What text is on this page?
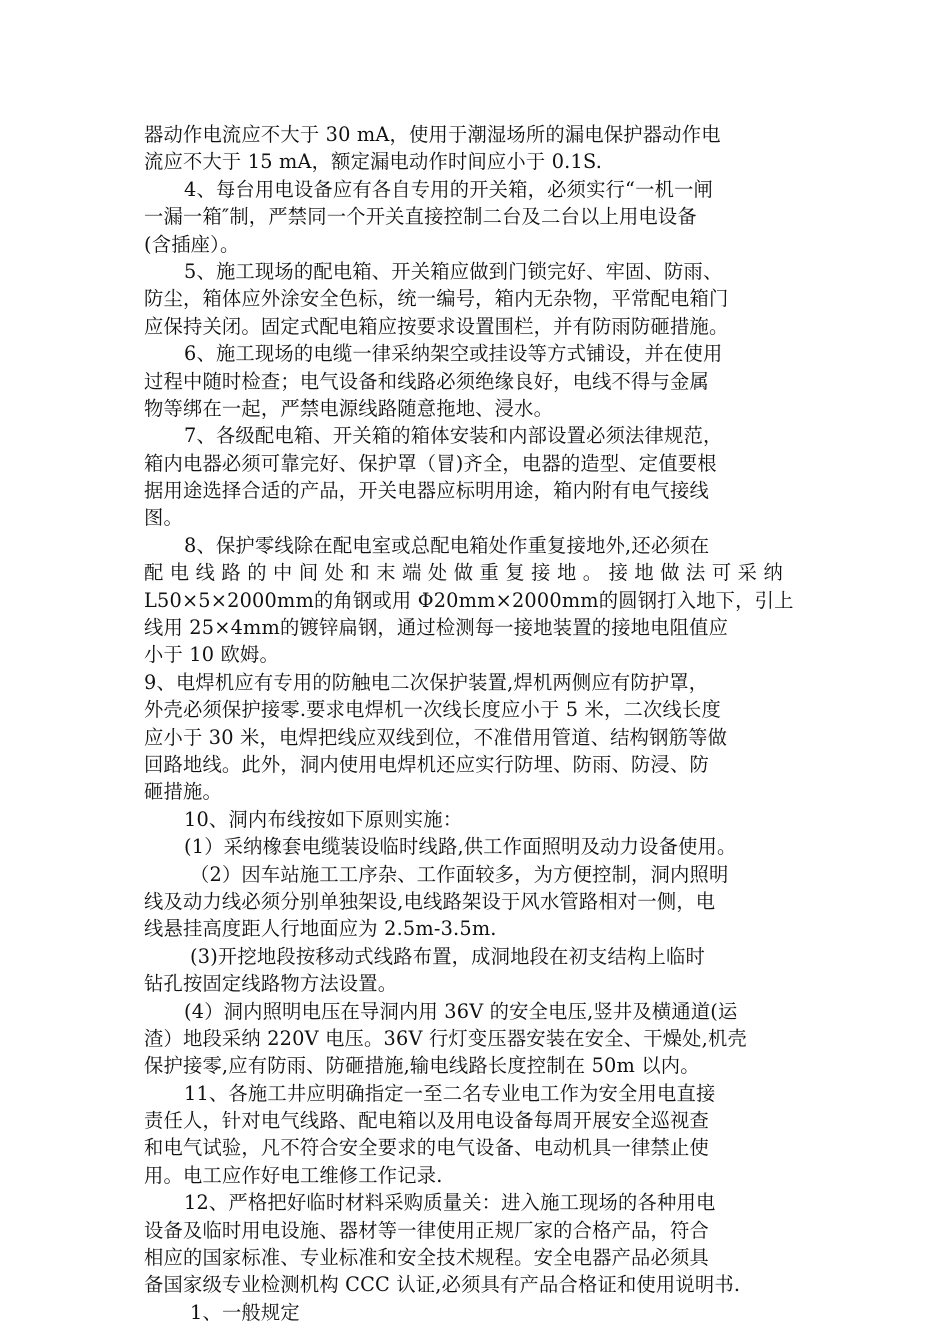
器动作电流应不大于 30 mA，使用于潮湿场所的漏电保护器动作电
流应不大于 15 mA，额定漏电动作时间应小于 0.1S.
4、每台用电设备应有各自专用的开关箱，必须实行“一机一闸
一漏一箱″制，严禁同一个开关直接控制二台及二台以上用电设备
(含插座）。
5、施工现场的配电箱、开关箱应做到门锁完好、牢固、防雨、
防尘，箱体应外涂安全色标，统一编号，箱内无杂物，平常配电箱门
应保持关闭。固定式配电箱应按要求设置围栏，并有防雨防砸措施。
6、施工现场的电缆一律采纳架空或挂设等方式铺设，并在使用
过程中随时检查；电气设备和线路必须绝缘良好，电线不得与金属
物等绑在一起，严禁电源线路随意拖地、浸水。
7、各级配电箱、开关箱的箱体安装和内部设置必须法律规范，
箱内电器必须可靠完好、保护罩（冒)齐全，电器的造型、定值要根
据用途选择合适的产品，开关电器应标明用途，箱内附有电气接线
图。
8、保护零线除在配电室或总配电箱处作重复接地外,还必须在
配 电 线 路 的 中 间 处 和 末 端 处 做 重 复 接 地 。 接 地 做 法 可 采 纳
L50×5×2000mm的角钢或用 Φ20mm×2000mm的圆钢打入地下，引上
线用 25×4mm的镀锌扁钢，通过检测每一接地装置的接地电阻值应
小于 10 欧姆。
9、电焊机应有专用的防触电二次保护装置,焊机两侧应有防护罩，
外壳必须保护接零.要求电焊机一次线长度应小于 5 米，二次线长度
应小于 30 米，电焊把线应双线到位，不准借用管道、结构钢筋等做
回路地线。此外，洞内使用电焊机还应实行防埋、防雨、防浸、防
砸措施。
10、洞内布线按如下原则实施：
(1）采纳橡套电缆装设临时线路,供工作面照明及动力设备使用。
（2）因车站施工工序杂、工作面较多，为方便控制，洞内照明
线及动力线必须分别单独架设,电线路架设于风水管路相对一侧，电
线悬挂高度距人行地面应为 2.5m-3.5m.
(3)开挖地段按移动式线路布置，成洞地段在初支结构上临时
钻孔按固定线路物方法设置。
(4）洞内照明电压在导洞内用 36V 的安全电压,竖井及横通道(运
渣）地段采纳 220V 电压。36V 行灯变压器安装在安全、干燥处,机壳
保护接零,应有防雨、防砸措施,输电线路长度控制在 50m 以内。
11、各施工井应明确指定一至二名专业电工作为安全用电直接
责任人，针对电气线路、配电箱以及用电设备每周开展安全巡视查
和电气试验，凡不符合安全要求的电气设备、电动机具一律禁止使
用。电工应作好电工维修工作记录.
12、严格把好临时材料采购质量关：进入施工现场的各种用电
设备及临时用电设施、器材等一律使用正规厂家的合格产品，符合
相应的国家标准、专业标准和安全技术规程。安全电器产品必须具
备国家级专业检测机构 CCC 认证,必须具有产品合格证和使用说明书.
1、一般规定
